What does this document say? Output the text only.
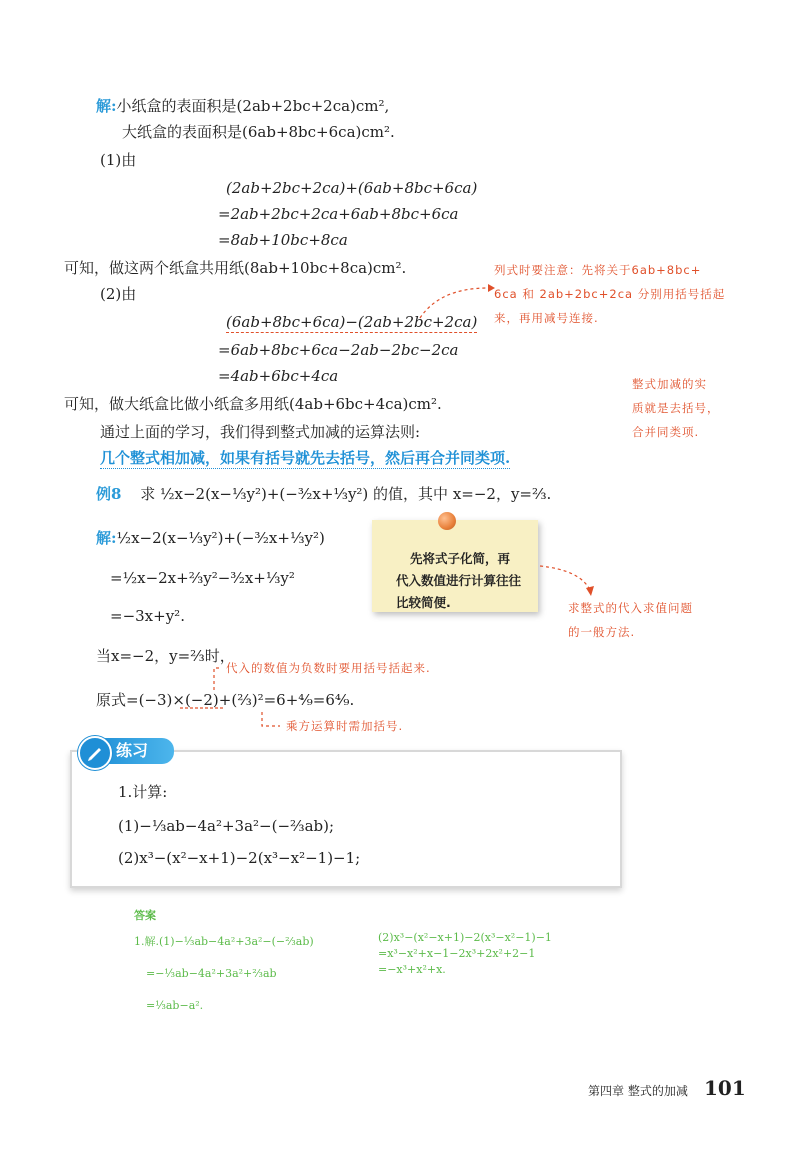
解:小纸盒的表面积是(2ab+2bc+2ca)cm²,
大纸盒的表面积是(6ab+8bc+6ca)cm².
(1)由
(2ab+2bc+2ca)+(6ab+8bc+6ca)
=2ab+2bc+2ca+6ab+8bc+6ca
=8ab+10bc+8ca
可知，做这两个纸盒共用纸(8ab+10bc+8ca)cm².
(2)由
(6ab+8bc+6ca)−(2ab+2bc+2ca)
=6ab+8bc+6ca−2ab−2bc−2ca
=4ab+6bc+4ca
可知，做大纸盒比做小纸盒多用纸(4ab+6bc+4ca)cm².
通过上面的学习，我们得到整式加减的运算法则:
几个整式相加减，如果有括号就先去括号，然后再合并同类项.
列式时要注意：先将关于6ab+8bc+
6ca 和 2ab+2bc+2ca 分别用括号括起
来，再用减号连接.
整式加减的实
质就是去括号，
合并同类项.
例8 求 ½x−2(x−⅓y²)+(−³⁄₂x+⅓y²) 的值，其中 x=−2，y=⅔.
解:½x−2(x−⅓y²)+(−³⁄₂x+⅓y²)
=½x−2x+⅔y²−³⁄₂x+⅓y²
=−3x+y².
当x=−2，y=⅔时，
原式=(−3)×(−2)+(⅔)²=6+⁴⁄₉=6⁴⁄₉.
先将式子化简，再
代入数值进行计算往往
比较简便.	求整式的代入求值问题
的一般方法.
代入的数值为负数时要用括号括起来.
乘方运算时需加括号.
练习
1.计算:
(1)−⅓ab−4a²+3a²−(−⅔ab);
(2)x³−(x²−x+1)−2(x³−x²−1)−1;
答案
1.解.(1)−⅓ab−4a²+3a²−(−⅔ab)
=−⅓ab−4a²+3a²+⅔ab
=⅓ab−a².
(2)x³−(x²−x+1)−2(x³−x²−1)−1
=x³−x²+x−1−2x³+2x²+2−1
=−x³+x²+x.
第四章 整式的加减 101
